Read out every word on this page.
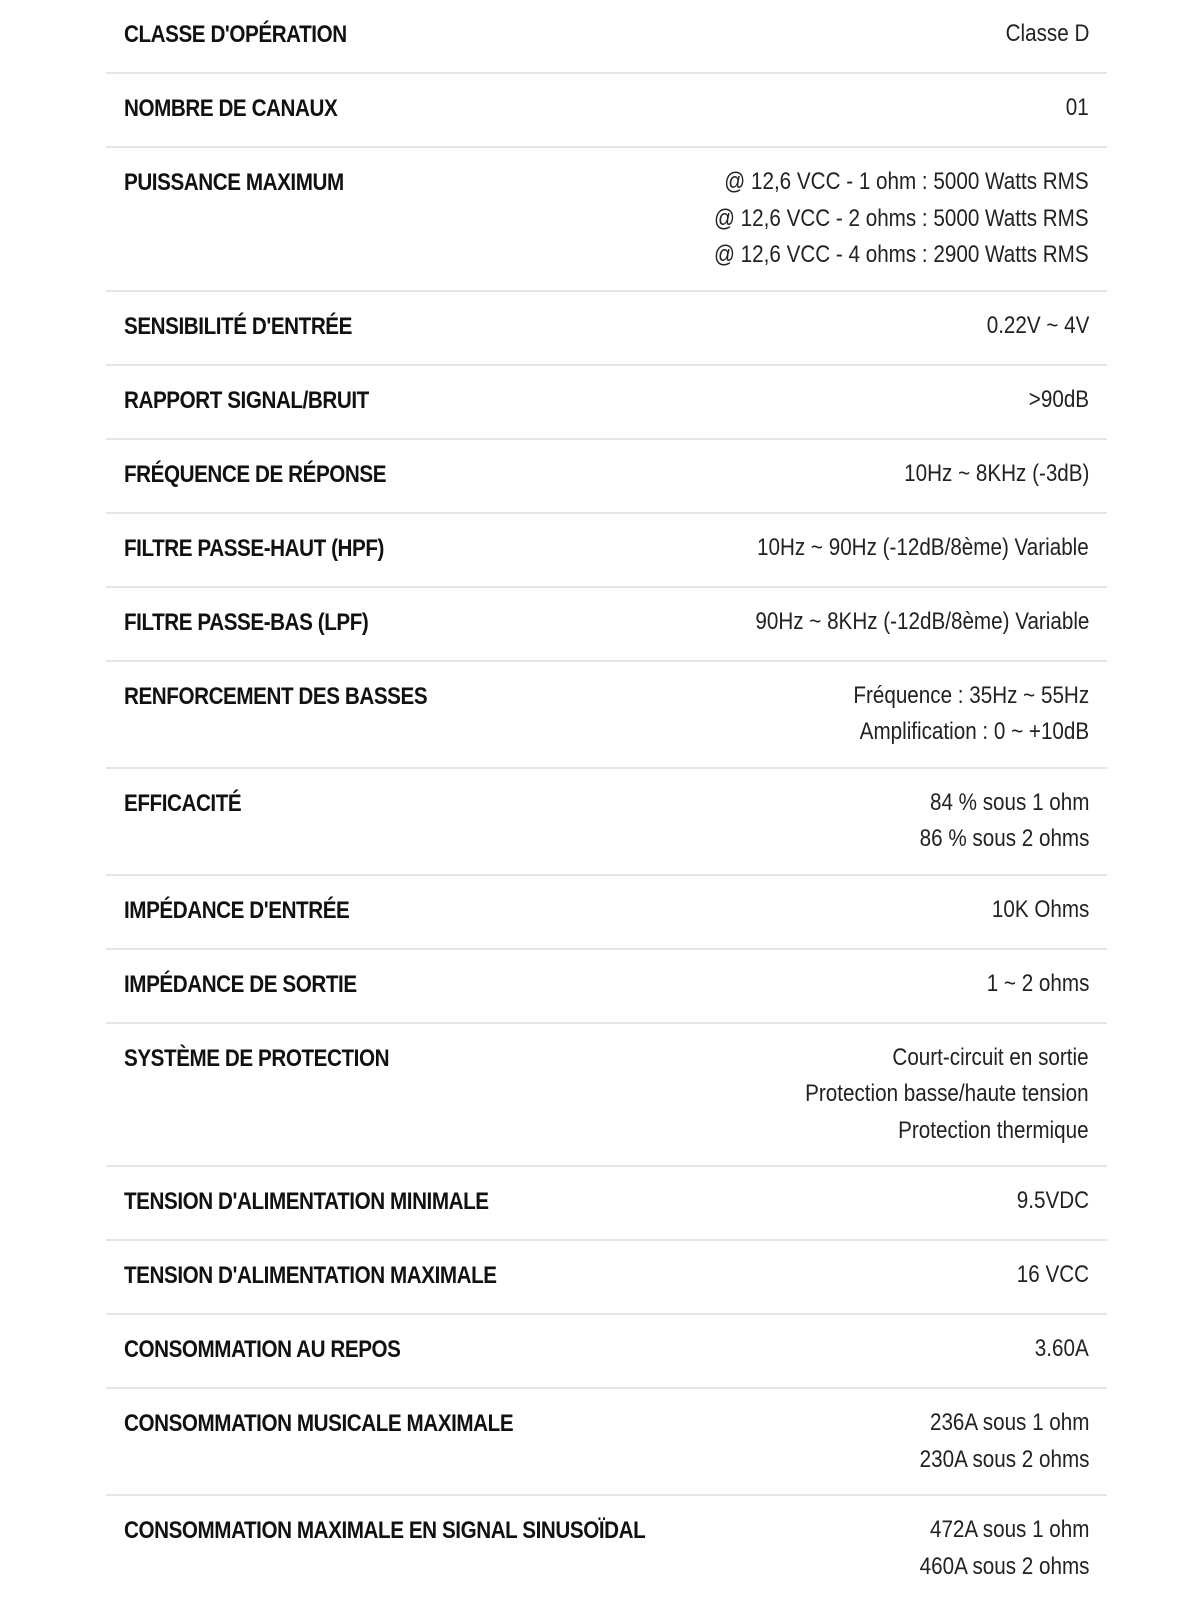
CLASSE D'OPÉRATION	Classe D
NOMBRE DE CANAUX	01
PUISSANCE MAXIMUM	@ 12,6 VCC - 1 ohm : 5000 Watts RMS
@ 12,6 VCC - 2 ohms : 5000 Watts RMS
@ 12,6 VCC - 4 ohms : 2900 Watts RMS
SENSIBILITÉ D'ENTRÉE	0.22V ~ 4V
RAPPORT SIGNAL/BRUIT	>90dB
FRÉQUENCE DE RÉPONSE	10Hz ~ 8KHz (-3dB)
FILTRE PASSE-HAUT (HPF)	10Hz ~ 90Hz (-12dB/8ème) Variable
FILTRE PASSE-BAS (LPF)	90Hz ~ 8KHz (-12dB/8ème) Variable
RENFORCEMENT DES BASSES	Fréquence : 35Hz ~ 55Hz
Amplification : 0 ~ +10dB
EFFICACITÉ	84 % sous 1 ohm
86 % sous 2 ohms
IMPÉDANCE D'ENTRÉE	10K Ohms
IMPÉDANCE DE SORTIE	1 ~ 2 ohms
SYSTÈME DE PROTECTION	Court-circuit en sortie
Protection basse/haute tension
Protection thermique
TENSION D'ALIMENTATION MINIMALE	9.5VDC
TENSION D'ALIMENTATION MAXIMALE	16 VCC
CONSOMMATION AU REPOS	3.60A
CONSOMMATION MUSICALE MAXIMALE	236A sous 1 ohm
230A sous 2 ohms
CONSOMMATION MAXIMALE EN SIGNAL SINUSOÏDAL	472A sous 1 ohm
460A sous 2 ohms
